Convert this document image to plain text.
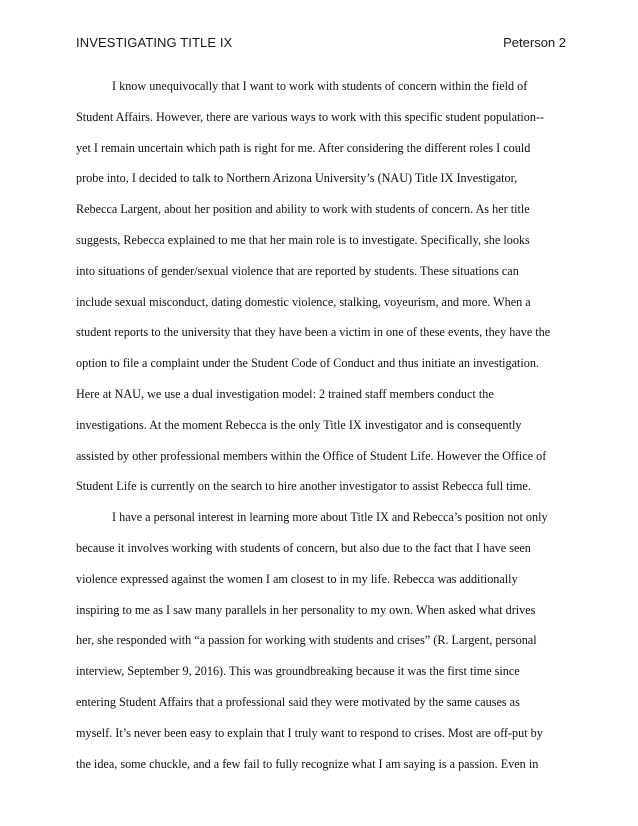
INVESTIGATING TITLE IX	Peterson 2
I know unequivocally that I want to work with students of concern within the field of
Student Affairs. However, there are various ways to work with this specific student population--
yet I remain uncertain which path is right for me. After considering the different roles I could
probe into, I decided to talk to Northern Arizona University’s (NAU) Title IX Investigator,
Rebecca Largent, about her position and ability to work with students of concern. As her title
suggests, Rebecca explained to me that her main role is to investigate. Specifically, she looks
into situations of gender/sexual violence that are reported by students. These situations can
include sexual misconduct, dating domestic violence, stalking, voyeurism, and more. When a
student reports to the university that they have been a victim in one of these events, they have the
option to file a complaint under the Student Code of Conduct and thus initiate an investigation.
Here at NAU, we use a dual investigation model: 2 trained staff members conduct the
investigations. At the moment Rebecca is the only Title IX investigator and is consequently
assisted by other professional members within the Office of Student Life. However the Office of
Student Life is currently on the search to hire another investigator to assist Rebecca full time.
I have a personal interest in learning more about Title IX and Rebecca’s position not only
because it involves working with students of concern, but also due to the fact that I have seen
violence expressed against the women I am closest to in my life. Rebecca was additionally
inspiring to me as I saw many parallels in her personality to my own. When asked what drives
her, she responded with “a passion for working with students and crises” (R. Largent, personal
interview, September 9, 2016). This was groundbreaking because it was the first time since
entering Student Affairs that a professional said they were motivated by the same causes as
myself. It’s never been easy to explain that I truly want to respond to crises. Most are off-put by
the idea, some chuckle, and a few fail to fully recognize what I am saying is a passion. Even in
